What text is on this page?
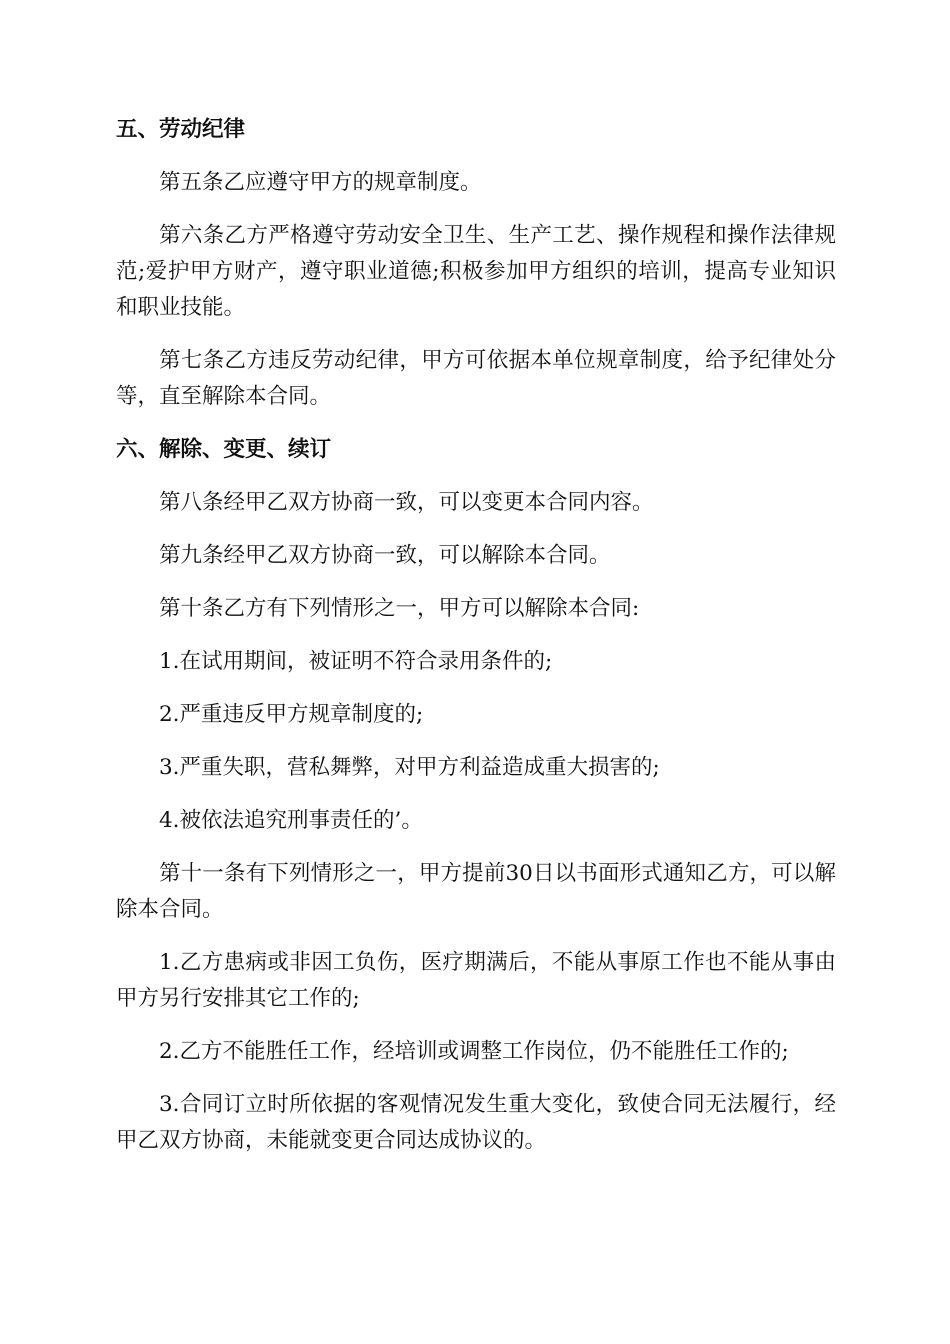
五、劳动纪律

第五条乙应遵守甲方的规章制度。

第六条乙方严格遵守劳动安全卫生、生产工艺、操作规程和操作法律规范;爱护甲方财产，遵守职业道德;积极参加甲方组织的培训，提高专业知识和职业技能。

第七条乙方违反劳动纪律，甲方可依据本单位规章制度，给予纪律处分等，直至解除本合同。

六、解除、变更、续订

第八条经甲乙双方协商一致，可以变更本合同内容。

第九条经甲乙双方协商一致，可以解除本合同。

第十条乙方有下列情形之一，甲方可以解除本合同:

1.在试用期间，被证明不符合录用条件的;

2.严重违反甲方规章制度的;

3.严重失职，营私舞弊，对甲方利益造成重大损害的;

4.被依法追究刑事责任的’。

第十一条有下列情形之一，甲方提前30日以书面形式通知乙方，可以解除本合同。

1.乙方患病或非因工负伤，医疗期满后，不能从事原工作也不能从事由甲方另行安排其它工作的;

2.乙方不能胜任工作，经培训或调整工作岗位，仍不能胜任工作的;

3.合同订立时所依据的客观情况发生重大变化，致使合同无法履行，经甲乙双方协商，未能就变更合同达成协议的。
